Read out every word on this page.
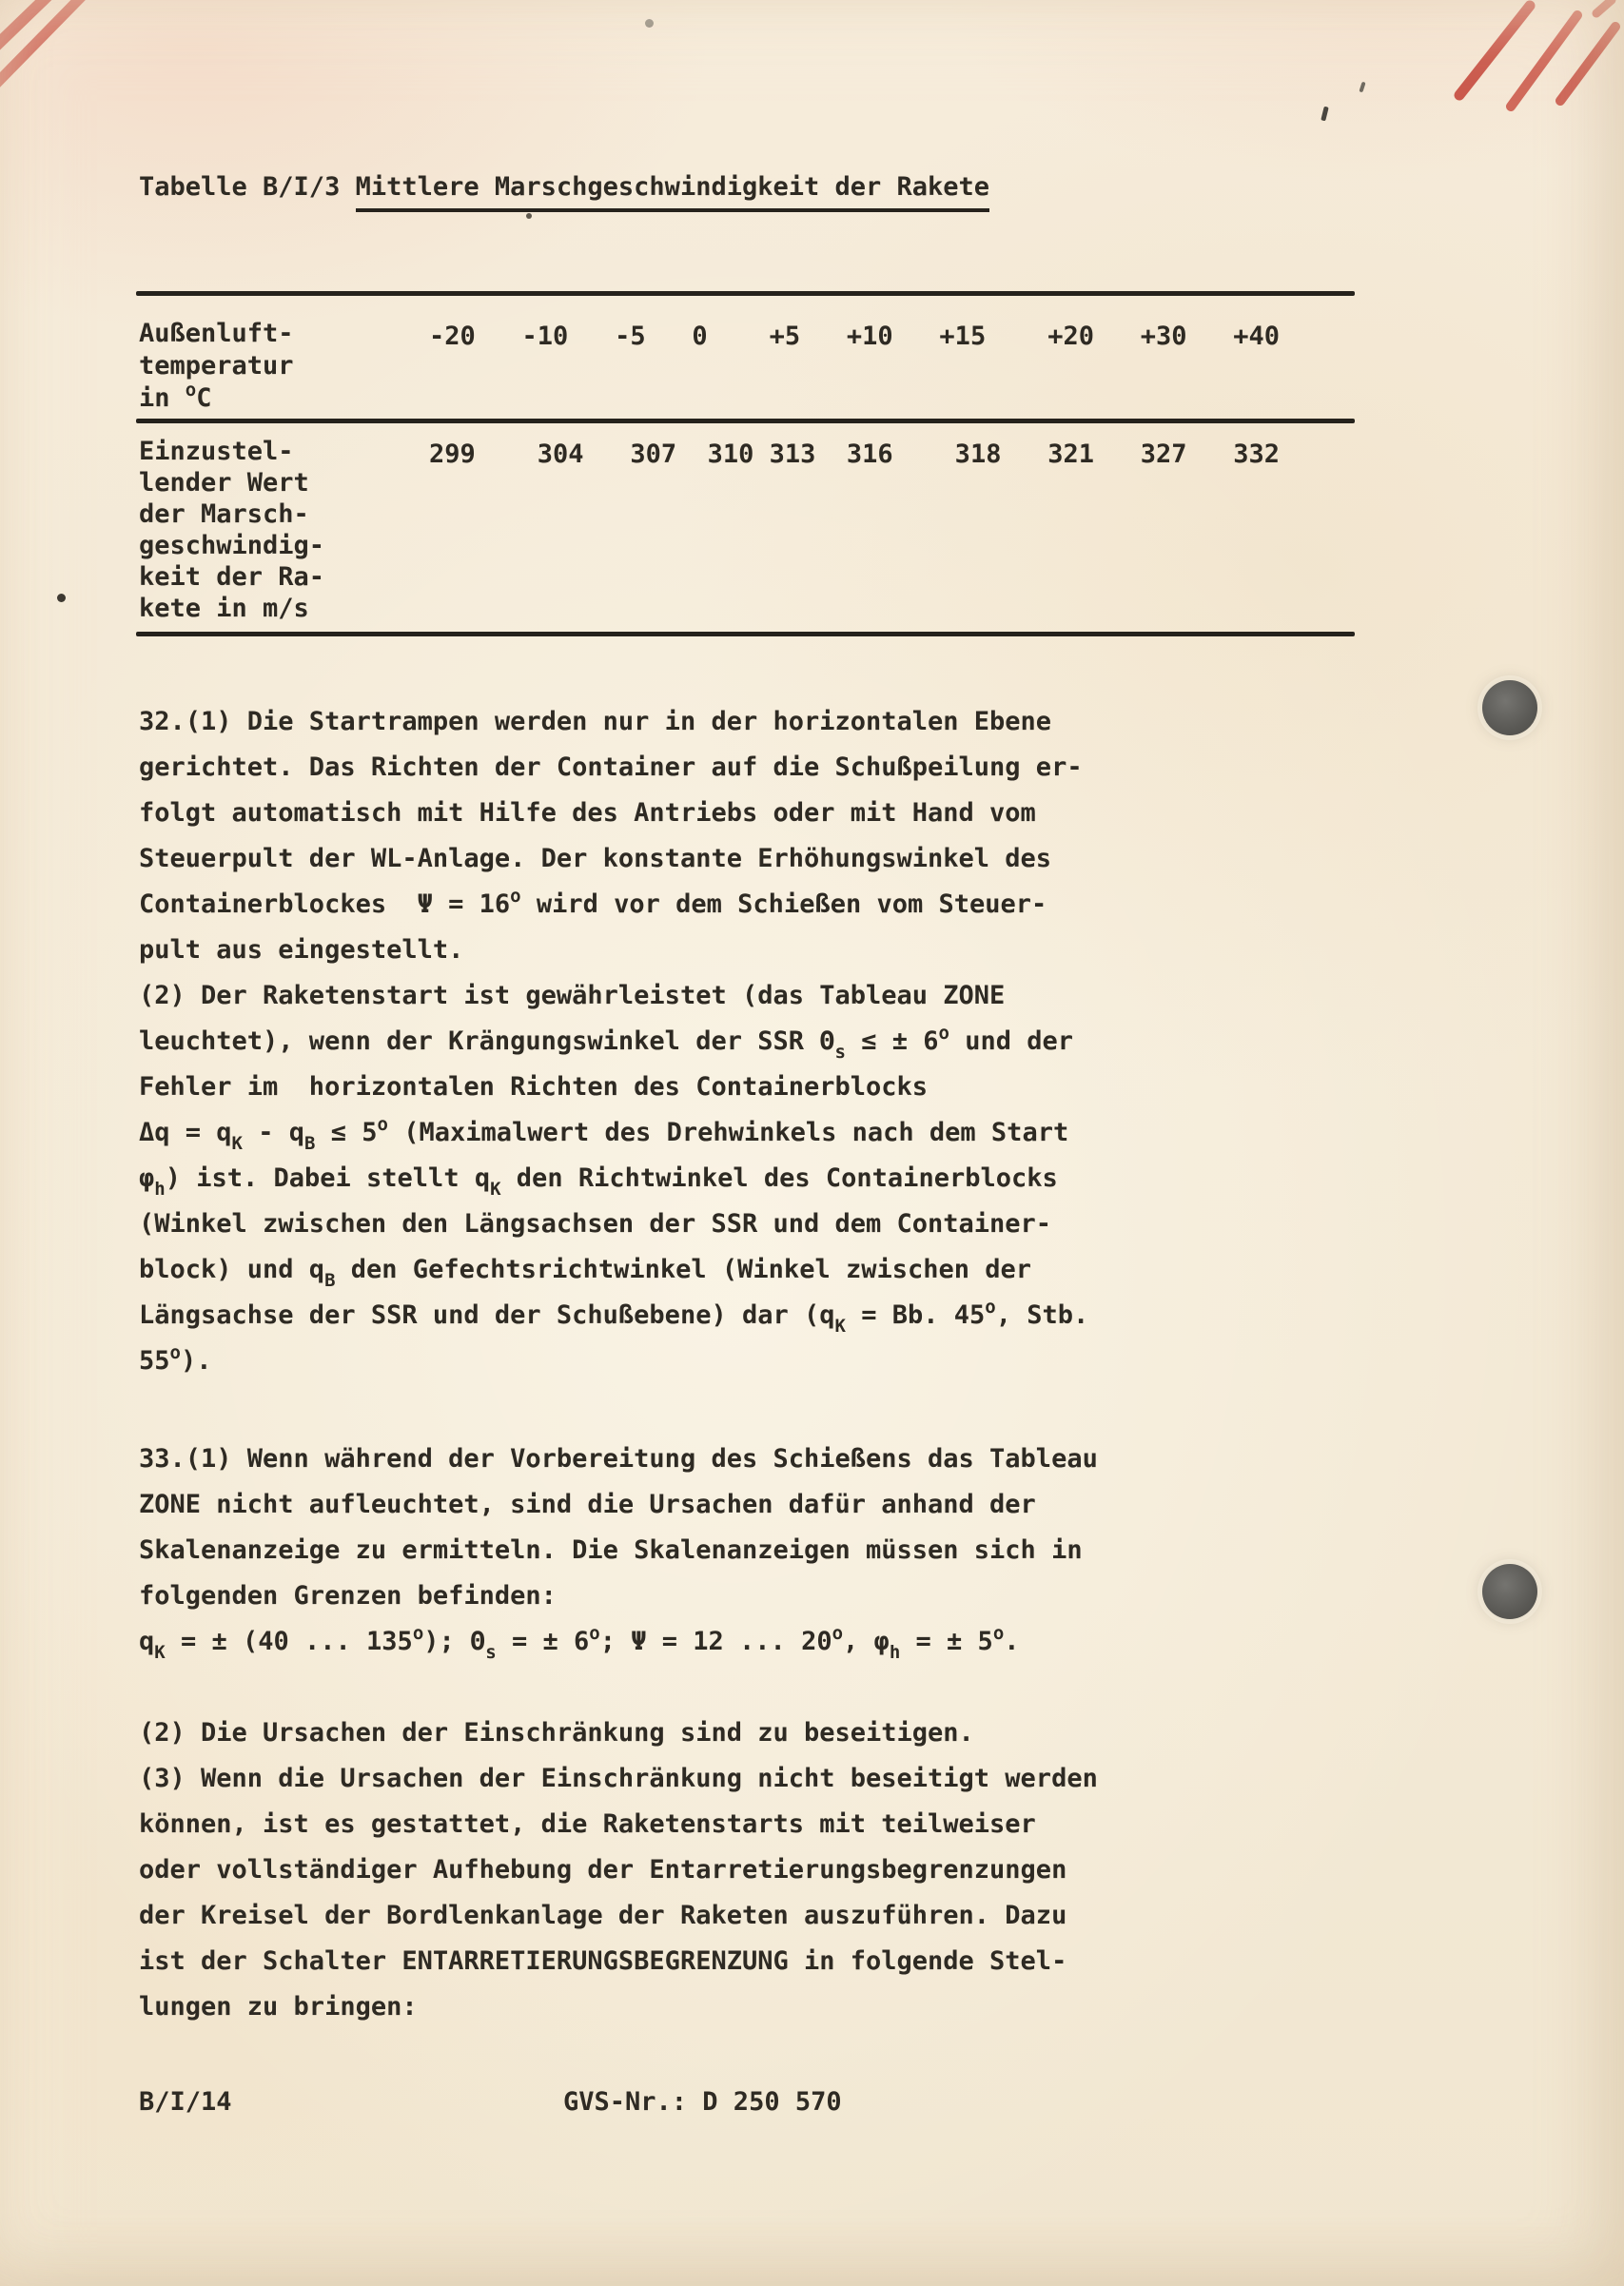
Tabelle B/I/3 Mittlere Marschgeschwindigkeit der Rakete
Außenluft-
temperatur
in $^o$C
-20   -10   -5   0    +5   +10   +15    +20   +30   +40
Einzustel-
lender Wert
der Marsch-
geschwindig-
keit der Ra-
kete in m/s
299    304   307  310 313  316    318   321   327   332
32.(1) Die Startrampen werden nur in der horizontalen Ebene
gerichtet. Das Richten der Container auf die Schußpeilung er-
folgt automatisch mit Hilfe des Antriebs oder mit Hand vom
Steuerpult der WL-Anlage. Der konstante Erhöhungswinkel des
Containerblockes  $\Psi = 16^o$ wird vor dem Schießen vom Steuer-
pult aus eingestellt.
(2) Der Raketenstart ist gewährleistet (das Tableau ZONE
leuchtet), wenn der Krängungswinkel der SSR $\Theta_s$ ≤ ± $6^o$ und der
Fehler im  horizontalen Richten des Containerblocks
$\Delta q = q_K - q_B \le 5^o$ (Maximalwert des Drehwinkels nach dem Start
$\varphi_h$) ist. Dabei stellt $q_K$ den Richtwinkel des Containerblocks
(Winkel zwischen den Längsachsen der SSR und dem Container-
block) und $q_B$ den Gefechtsrichtwinkel (Winkel zwischen der
Längsachse der SSR und der Schußebene) dar ($q_K = Bb$. 45$^o$, Stb.
55$^o$).
33.(1) Wenn während der Vorbereitung des Schießens das Tableau
ZONE nicht aufleuchtet, sind die Ursachen dafür anhand der
Skalenanzeige zu ermitteln. Die Skalenanzeigen müssen sich in
folgenden Grenzen befinden:
$q_K$ = ± (40 ... 135$^o$); $\Theta_s$ = ± $6^o$; Ψ = 12 ... 20$^o$, $\varphi_h$ = ± $5^o$.

(2) Die Ursachen der Einschränkung sind zu beseitigen.
(3) Wenn die Ursachen der Einschränkung nicht beseitigt werden
können, ist es gestattet, die Raketenstarts mit teilweiser
oder vollständiger Aufhebung der Entarretierungsbegrenzungen
der Kreisel der Bordlenkanlage der Raketen auszuführen. Dazu
ist der Schalter ENTARRETIERUNGSBEGRENZUNG in folgende Stel-
lungen zu bringen:
B/I/14	GVS-Nr.: D 250 570
